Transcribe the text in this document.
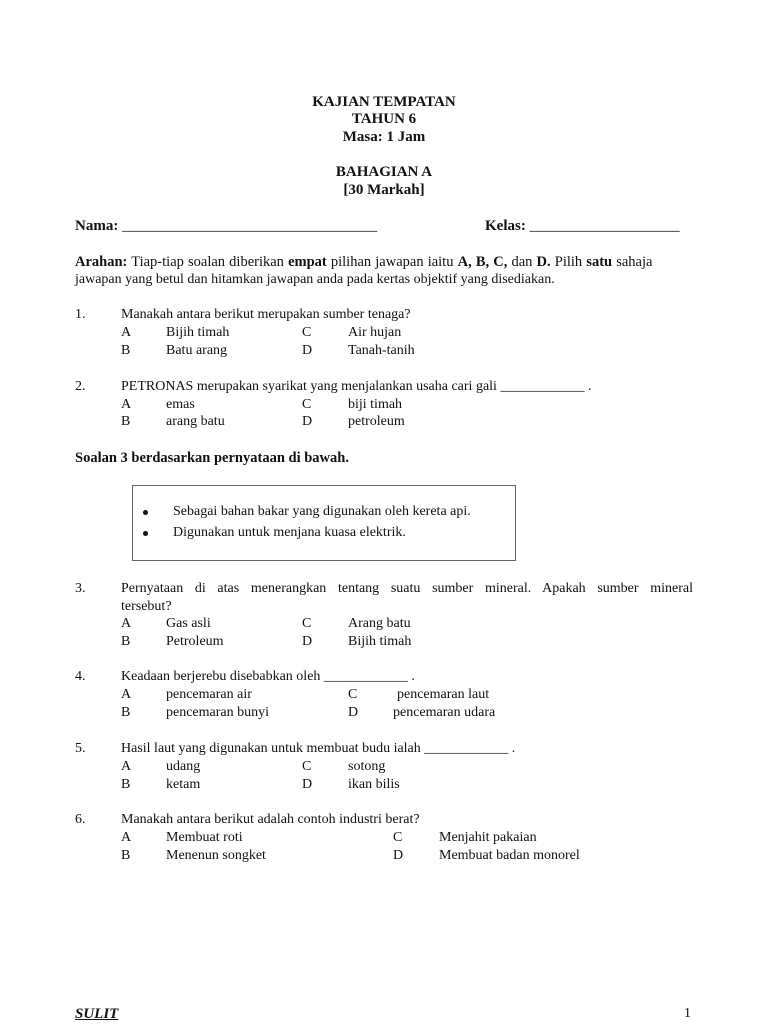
KAJIAN TEMPATAN
TAHUN 6
Masa: 1 Jam
BAHAGIAN A
[30 Markah]
Nama: __________________________________	Kelas: ____________________
Arahan: Tiap-tiap soalan diberikan empat pilihan jawapan iaitu A, B, C, dan D. Pilih satu sahaja
jawapan yang betul dan hitamkan jawapan anda pada kertas objektif yang disediakan.
1.	Manakah antara berikut merupakan sumber tenaga?
A Bijih timah	C	Air hujan
B	Batu arang	D	Tanah-tanih
2.	PETRONAS merupakan syarikat yang menjalankan usaha cari gali ____________ .
A emas	C	biji timah
B	arang batu	D	petroleum
Soalan 3 berdasarkan pernyataan di bawah.
Sebagai bahan bakar yang digunakan oleh kereta api.
Digunakan untuk menjana kuasa elektrik.
3.	Pernyataan di atas menerangkan tentang suatu sumber mineral. Apakah sumber mineral
tersebut?
A Gas asli	C	Arang batu
B	Petroleum	D	Bijih timah
4.	Keadaan berjerebu disebabkan oleh ____________ .
A pencemaran air	C	pencemaran laut
B	pencemaran bunyi	D pencemaran udara
5.	Hasil laut yang digunakan untuk membuat budu ialah ____________ .
A udang	C	sotong
B	ketam	D	ikan bilis
6.	Manakah antara berikut adalah contoh industri berat?
A Membuat roti	C	Menjahit pakaian
B	Menenun songket	D	Membuat badan monorel
SULIT	1
